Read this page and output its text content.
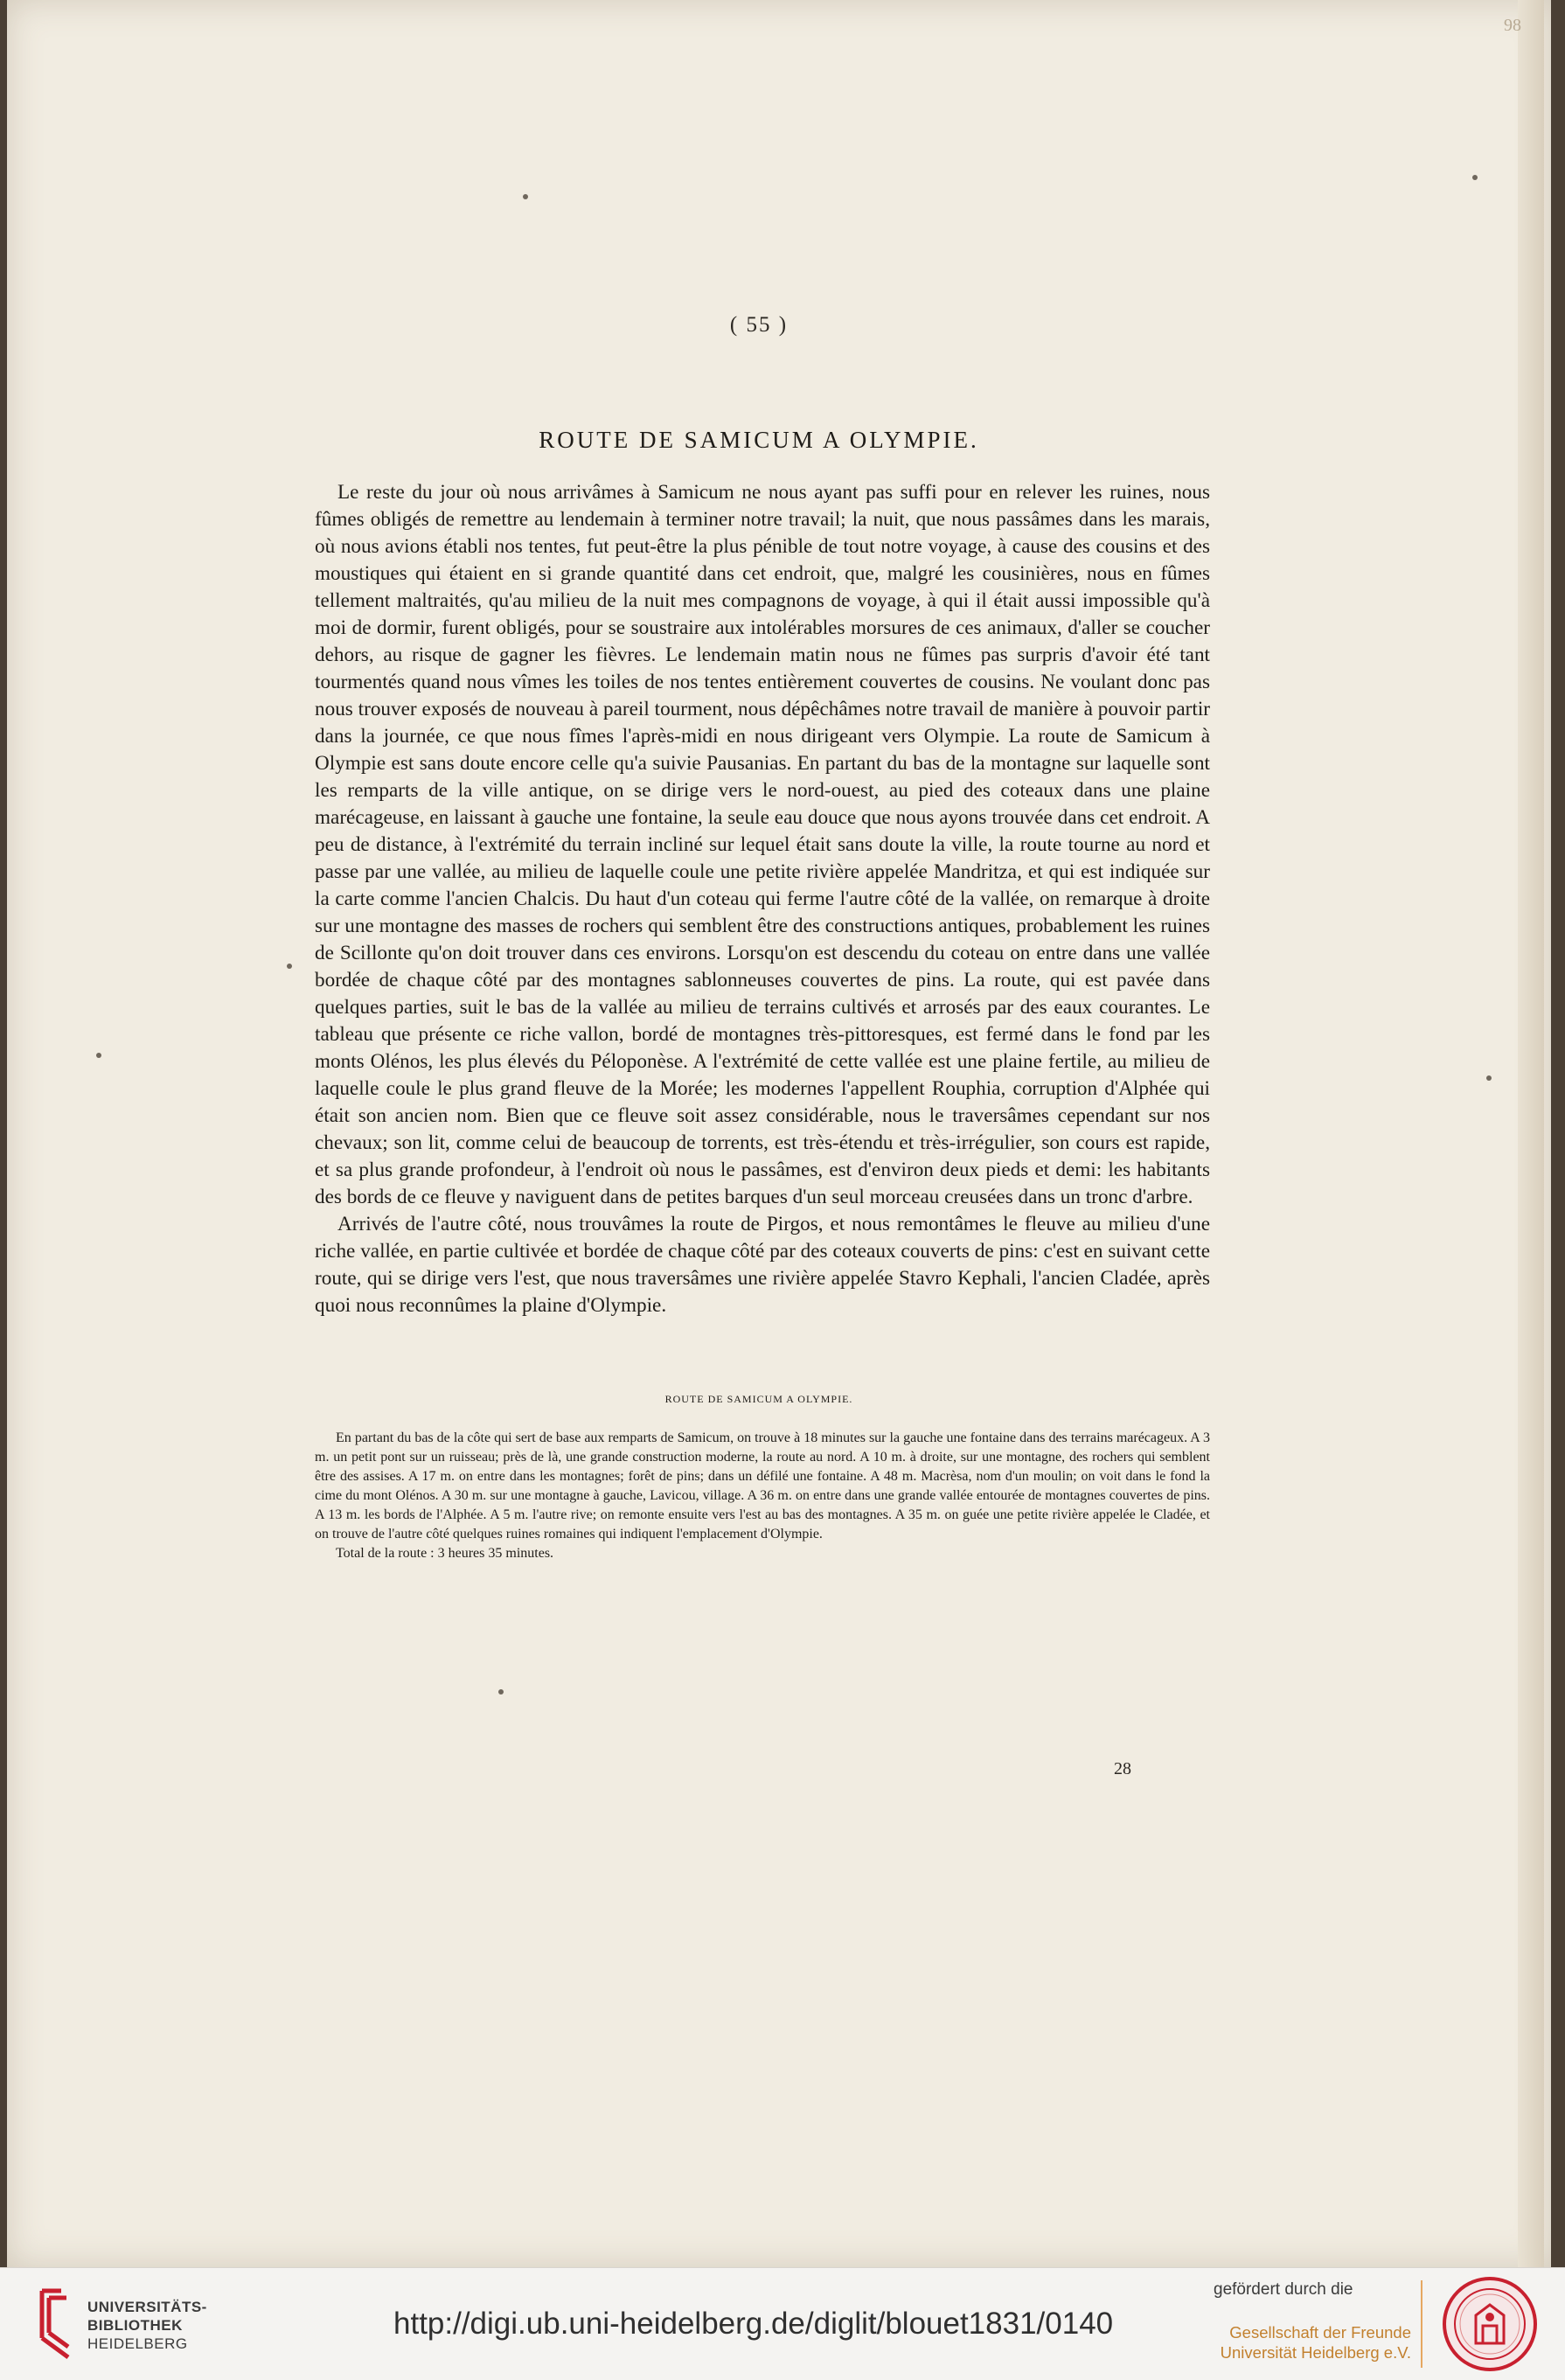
98
( 55 )
ROUTE DE SAMICUM A OLYMPIE.

Le reste du jour où nous arrivâmes à Samicum ne nous ayant pas suffi pour en relever les ruines, nous fûmes obligés de remettre au lendemain à terminer notre travail; la nuit, que nous passâmes dans les marais, où nous avions établi nos tentes, fut peut-être la plus pénible de tout notre voyage, à cause des cousins et des moustiques qui étaient en si grande quantité dans cet endroit, que, malgré les cousinières, nous en fûmes tellement maltraités, qu'au milieu de la nuit mes compagnons de voyage, à qui il était aussi impossible qu'à moi de dormir, furent obligés, pour se soustraire aux intolérables morsures de ces animaux, d'aller se coucher dehors, au risque de gagner les fièvres. Le lendemain matin nous ne fûmes pas surpris d'avoir été tant tourmentés quand nous vîmes les toiles de nos tentes entièrement couvertes de cousins. Ne voulant donc pas nous trouver exposés de nouveau à pareil tourment, nous dépêchâmes notre travail de manière à pouvoir partir dans la journée, ce que nous fîmes l'après-midi en nous dirigeant vers Olympie. La route de Samicum à Olympie est sans doute encore celle qu'a suivie Pausanias. En partant du bas de la montagne sur laquelle sont les remparts de la ville antique, on se dirige vers le nord-ouest, au pied des coteaux dans une plaine marécageuse, en laissant à gauche une fontaine, la seule eau douce que nous ayons trouvée dans cet endroit. A peu de distance, à l'extrémité du terrain incliné sur lequel était sans doute la ville, la route tourne au nord et passe par une vallée, au milieu de laquelle coule une petite rivière appelée Mandritza, et qui est indiquée sur la carte comme l'ancien Chalcis. Du haut d'un coteau qui ferme l'autre côté de la vallée, on remarque à droite sur une montagne des masses de rochers qui semblent être des constructions antiques, probablement les ruines de Scillonte qu'on doit trouver dans ces environs. Lorsqu'on est descendu du coteau on entre dans une vallée bordée de chaque côté par des montagnes sablonneuses couvertes de pins. La route, qui est pavée dans quelques parties, suit le bas de la vallée au milieu de terrains cultivés et arrosés par des eaux courantes. Le tableau que présente ce riche vallon, bordé de montagnes très-pittoresques, est fermé dans le fond par les monts Olénos, les plus élevés du Péloponèse. A l'extrémité de cette vallée est une plaine fertile, au milieu de laquelle coule le plus grand fleuve de la Morée; les modernes l'appellent Rouphia, corruption d'Alphée qui était son ancien nom. Bien que ce fleuve soit assez considérable, nous le traversâmes cependant sur nos chevaux; son lit, comme celui de beaucoup de torrents, est très-étendu et très-irrégulier, son cours est rapide, et sa plus grande profondeur, à l'endroit où nous le passâmes, est d'environ deux pieds et demi: les habitants des bords de ce fleuve y naviguent dans de petites barques d'un seul morceau creusées dans un tronc d'arbre.

Arrivés de l'autre côté, nous trouvâmes la route de Pirgos, et nous remontâmes le fleuve au milieu d'une riche vallée, en partie cultivée et bordée de chaque côté par des coteaux couverts de pins: c'est en suivant cette route, qui se dirige vers l'est, que nous traversâmes une rivière appelée Stavro Kephali, l'ancien Cladée, après quoi nous reconnûmes la plaine d'Olympie.

ROUTE DE SAMICUM A OLYMPIE.

En partant du bas de la côte qui sert de base aux remparts de Samicum, on trouve à 18 minutes sur la gauche une fontaine dans des terrains marécageux. A 3 m. un petit pont sur un ruisseau; près de là, une grande construction moderne, la route au nord. A 10 m. à droite, sur une montagne, des rochers qui semblent être des assises. A 17 m. on entre dans les montagnes; forêt de pins; dans un défilé une fontaine. A 48 m. Macrèsa, nom d'un moulin; on voit dans le fond la cime du mont Olénos. A 30 m. sur une montagne à gauche, Lavicou, village. A 36 m. on entre dans une grande vallée entourée de montagnes couvertes de pins. A 13 m. les bords de l'Alphée. A 5 m. l'autre rive; on remonte ensuite vers l'est au bas des montagnes. A 35 m. on guée une petite rivière appelée le Cladée, et on trouve de l'autre côté quelques ruines romaines qui indiquent l'emplacement d'Olympie.

Total de la route : 3 heures 35 minutes.

28
UNIVERSITÄTS-
BIBLIOTHEK
HEIDELBERG
http://digi.ub.uni-heidelberg.de/diglit/blouet1831/0140
gefördert durch die
Gesellschaft der Freunde
Universität Heidelberg e.V.
